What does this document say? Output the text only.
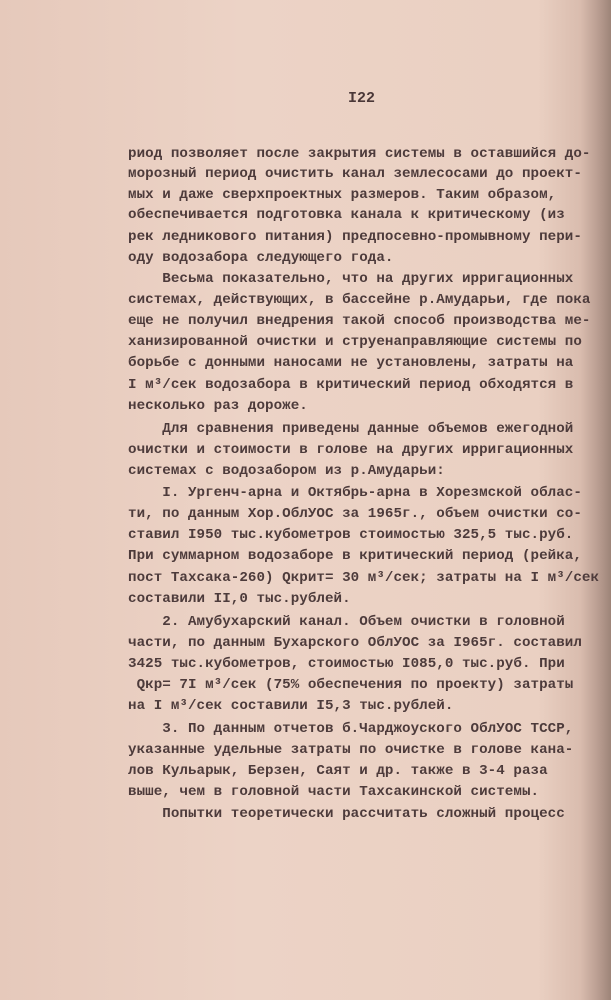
I22
риод позволяет после закрытия системы в оставшийся до-
морозный период очистить канал землесосами до проект-
мых и даже сверхпроектных размеров. Таким образом,
обеспечивается подготовка канала к критическому (из
рек ледникового питания) предпосевно-промывному пери-
оду водозабора следующего года.
Весьма показательно, что на других ирригационных
системах, действующих, в бассейне р.Амударьи, где пока
еще не получил внедрения такой способ производства ме-
ханизированной очистки и струенаправляющие системы по
борьбе с донными наносами не установлены, затраты на
I м³/сек водозабора в критический период обходятся в
несколько раз дороже.
Для сравнения приведены данные объемов ежегодной
очистки и стоимости в голове на других ирригационных
системах с водозабором из р.Амударьи:
I. Ургенч-арна и Октябрь-арна в Хорезмской облас-
ти, по данным Хор.ОблУОС за 1965г., объем очистки со-
ставил I950 тыс.кубометров стоимостью 325,5 тыс.руб.
При суммарном водозаборе в критический период (рейка,
пост Тахсака-260) Qкрит= 30 м³/сек; затраты на I м³/сек
составили II,0 тыс.рублей.
2. Амубухарский канал. Объем очистки в головной
части, по данным Бухарского ОблУОС за I965г. составил
3425 тыс.кубометров, стоимостью I085,0 тыс.руб. При
Qкр= 7I м³/сек (75% обеспечения по проекту) затраты
на I м³/сек составили I5,3 тыс.рублей.
3. По данным отчетов б.Чарджоуского ОблУОС ТССР,
указанные удельные затраты по очистке в голове кана-
лов Кульарык, Берзен, Саят и др. также в 3-4 раза
выше, чем в головной части Тахсакинской системы.
Попытки теоретически рассчитать сложный процесс
